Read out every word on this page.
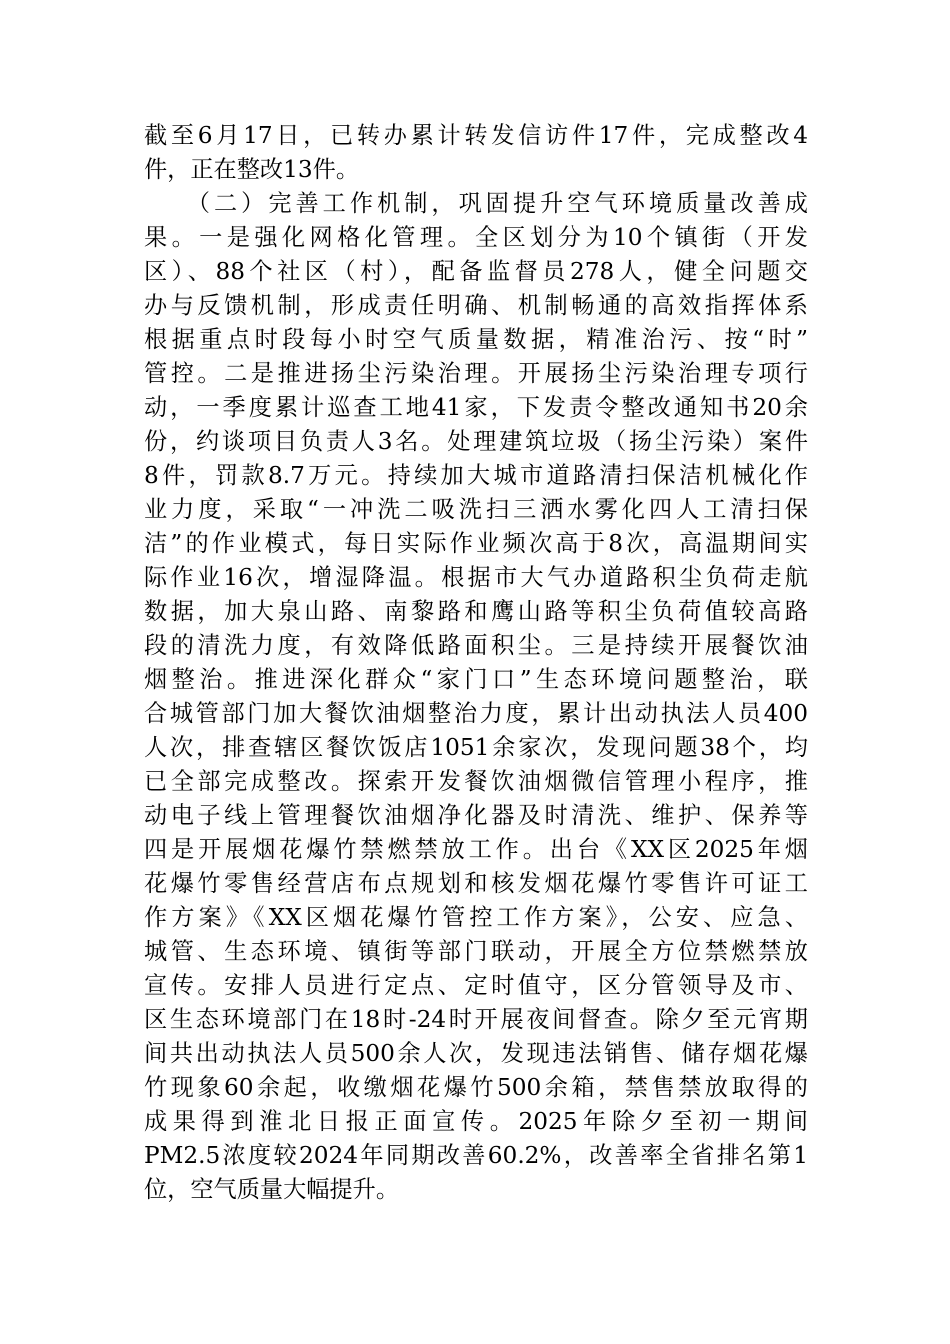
截至6月17日，已转办累计转发信访件17件，完成整改4
件，正在整改13件。
　　（二）完善工作机制，巩固提升空气环境质量改善成
果。一是强化网格化管理。全区划分为10个镇街（开发
区）、88个社区（村），配备监督员278人，健全问题交
办与反馈机制，形成责任明确、机制畅通的高效指挥体系
根据重点时段每小时空气质量数据，精准治污、按“时”
管控。二是推进扬尘污染治理。开展扬尘污染治理专项行
动，一季度累计巡查工地41家，下发责令整改通知书20余
份，约谈项目负责人3名。处理建筑垃圾（扬尘污染）案件
8件，罚款8.7万元。持续加大城市道路清扫保洁机械化作
业力度，采取“一冲洗二吸洗扫三洒水雾化四人工清扫保
洁”的作业模式，每日实际作业频次高于8次，高温期间实
际作业16次，增湿降温。根据市大气办道路积尘负荷走航
数据，加大泉山路、南黎路和鹰山路等积尘负荷值较高路
段的清洗力度，有效降低路面积尘。三是持续开展餐饮油
烟整治。推进深化群众“家门口”生态环境问题整治，联
合城管部门加大餐饮油烟整治力度，累计出动执法人员400
人次，排查辖区餐饮饭店1051余家次，发现问题38个，均
已全部完成整改。探索开发餐饮油烟微信管理小程序，推
动电子线上管理餐饮油烟净化器及时清洗、维护、保养等
四是开展烟花爆竹禁燃禁放工作。出台《XX区2025年烟
花爆竹零售经营店布点规划和核发烟花爆竹零售许可证工
作方案》《XX区烟花爆竹管控工作方案》，公安、应急、
城管、生态环境、镇街等部门联动，开展全方位禁燃禁放
宣传。安排人员进行定点、定时值守，区分管领导及市、
区生态环境部门在18时-24时开展夜间督查。除夕至元宵期
间共出动执法人员500余人次，发现违法销售、储存烟花爆
竹现象60余起，收缴烟花爆竹500余箱，禁售禁放取得的
成果得到淮北日报正面宣传。2025年除夕至初一期间
PM2.5浓度较2024年同期改善60.2%，改善率全省排名第1
位，空气质量大幅提升。
